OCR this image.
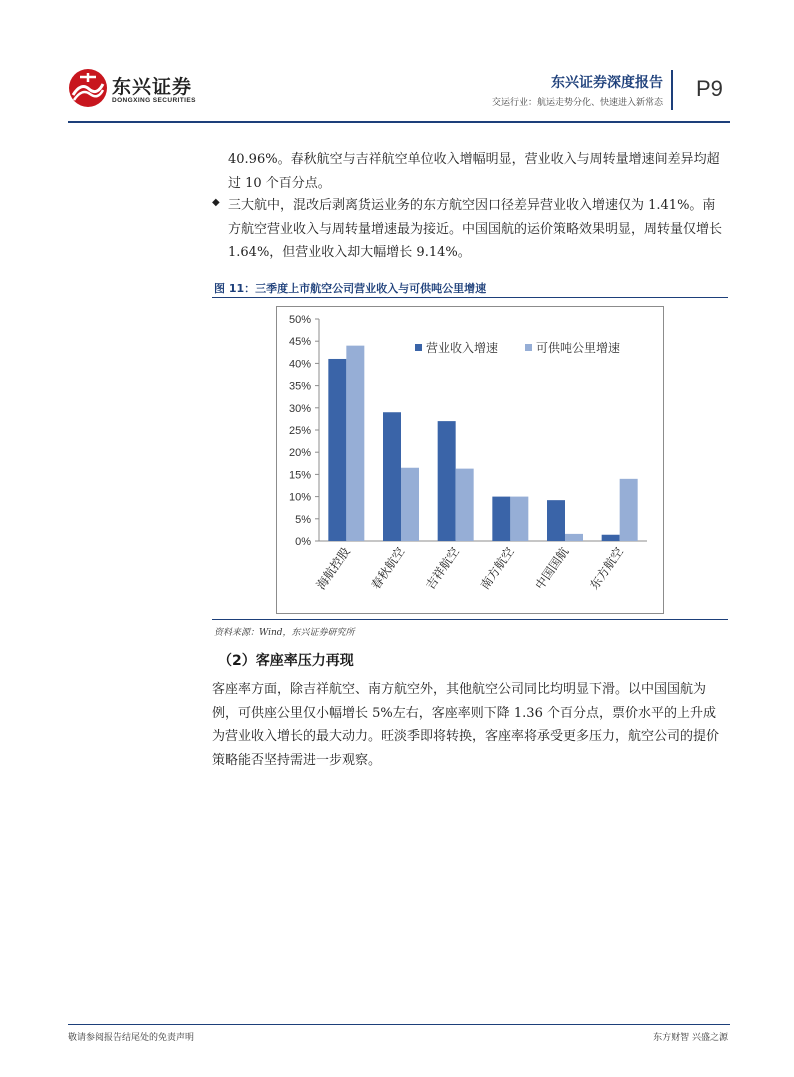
东兴证券
DONGXING SECURITIES
东兴证券深度报告
交运行业：航运走势分化、快速进入新常态
P9
40.96%。春秋航空与吉祥航空单位收入增幅明显，营业收入与周转量增速间差异均超过 10 个百分点。
◆ 三大航中，混改后剥离货运业务的东方航空因口径差异营业收入增速仅为 1.41%。南方航空营业收入与周转量增速最为接近。中国国航的运价策略效果明显，周转量仅增长 1.64%，但营业收入却大幅增长 9.14%。
图 11：三季度上市航空公司营业收入与可供吨公里增速
0%
5%
10%
15%
20%
25%
30%
35%
40%
45%
50%
海航控股 春秋航空 吉祥航空 南方航空 中国国航 东方航空
营业收入增速	可供吨公里增速
资料来源：Wind，东兴证券研究所
（2）客座率压力再现
客座率方面，除吉祥航空、南方航空外，其他航空公司同比均明显下滑。以中国国航为例，可供座公里仅小幅增长 5%左右，客座率则下降 1.36 个百分点，票价水平的上升成为营业收入增长的最大动力。旺淡季即将转换，客座率将承受更多压力，航空公司的提价策略能否坚持需进一步观察。
敬请参阅报告结尾处的免责声明	东方财智 兴盛之源
